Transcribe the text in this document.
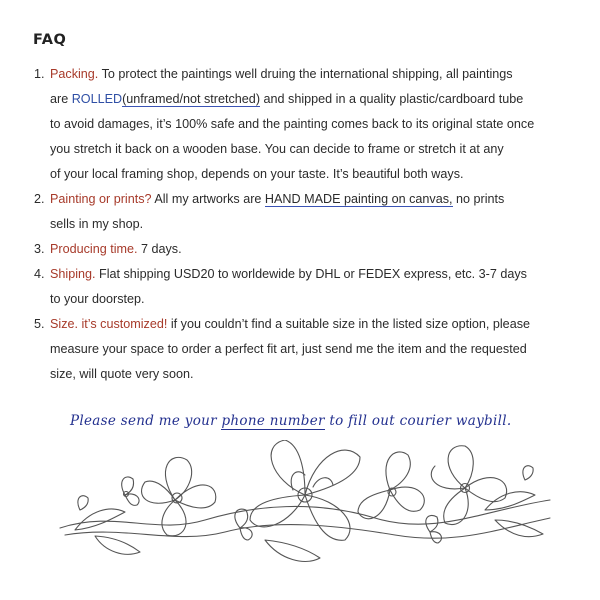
FAQ
1. Packing. To protect the paintings well druing the international shipping, all paintings
are ROLLED(unframed/not stretched) and shipped in a quality plastic/cardboard tube
to avoid damages, it’s 100% safe and the painting comes back to its original state once
you stretch it back on a wooden base. You can decide to frame or stretch it at any
of your local framing shop, depends on your taste. It’s beautiful both ways.
2. Painting or prints? All my artworks are HAND MADE painting on canvas, no prints
sells in my shop.
3. Producing time. 7 days.
4. Shiping. Flat shipping USD20 to worldewide by DHL or FEDEX express, etc. 3-7 days
to your doorstep.
5. Size. it’s customized! if you couldn’t find a suitable size in the listed size option, please
measure your space to order a perfect fit art, just send me the item and the requested
size, will quote very soon.
Please send me your phone number to fill out courier waybill.
